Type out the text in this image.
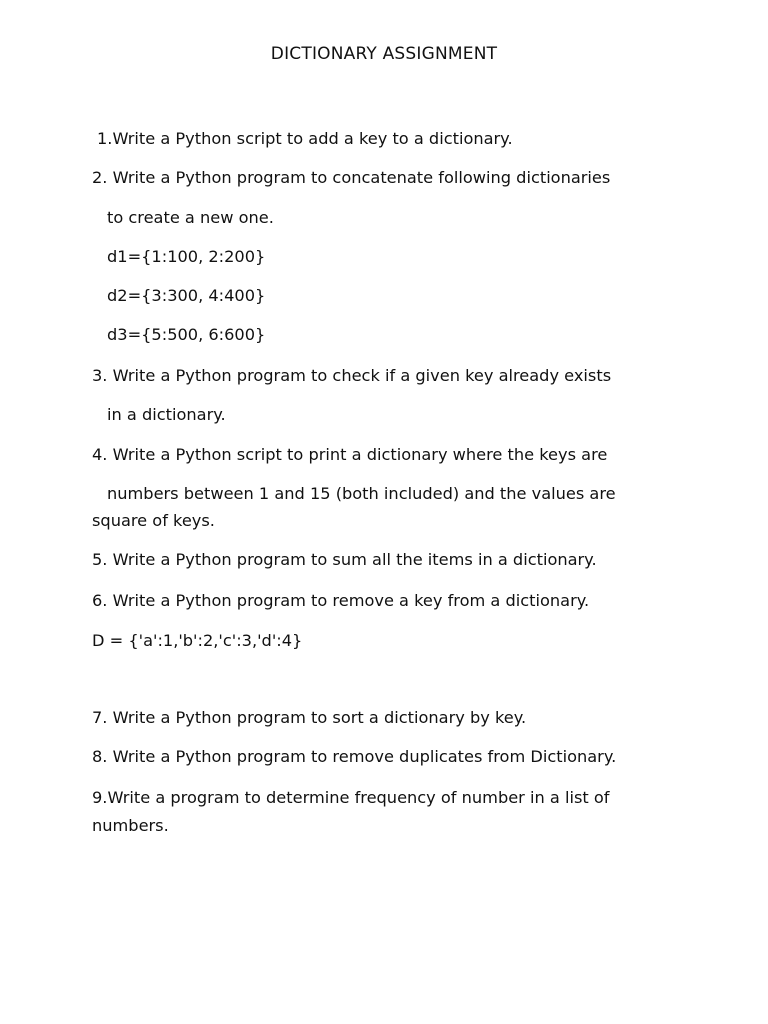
DICTIONARY ASSIGNMENT
1.Write a Python script to add a key to a dictionary.
2. Write a Python program to concatenate following dictionaries
to create a new one.
d1={1:100, 2:200}
d2={3:300, 4:400}
d3={5:500, 6:600}
3. Write a Python program to check if a given key already exists
in a dictionary.
4. Write a Python script to print a dictionary where the keys are
numbers between 1 and 15 (both included) and the values are
square of keys.
5. Write a Python program to sum all the items in a dictionary.
6. Write a Python program to remove a key from a dictionary.
D = {'a':1,'b':2,'c':3,'d':4}
7. Write a Python program to sort a dictionary by key.
8. Write a Python program to remove duplicates from Dictionary.
9.Write a program to determine frequency of number in a list of
numbers.
